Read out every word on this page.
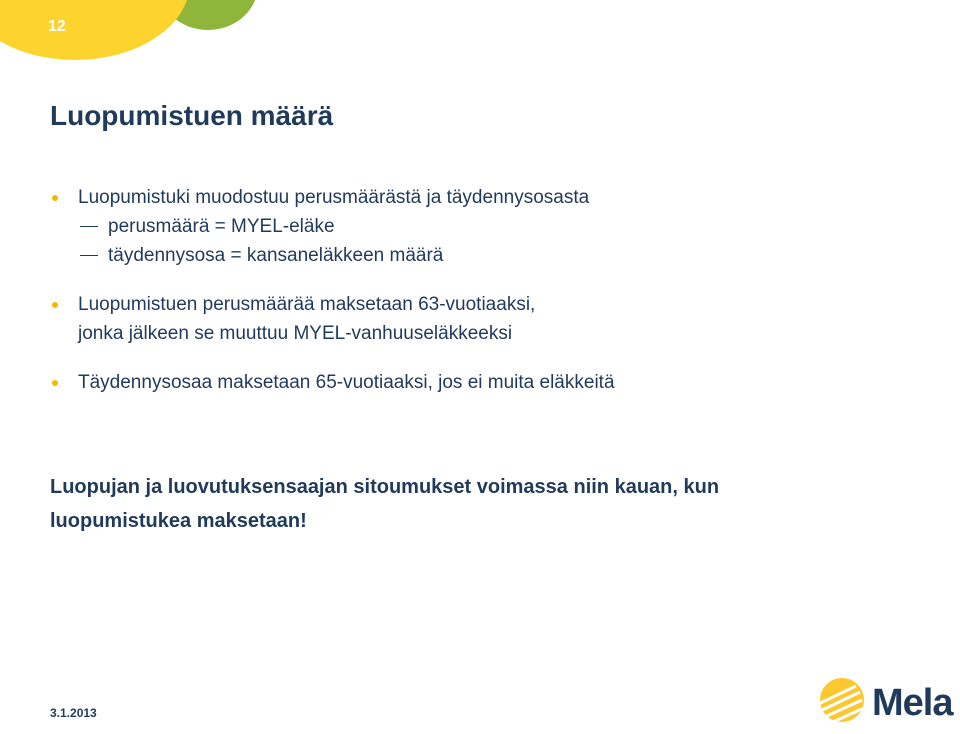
12
Luopumistuen määrä
Luopumistuki muodostuu perusmäärästä ja täydennysosasta
perusmäärä = MYEL-eläke
täydennysosa = kansaneläkkeen määrä
Luopumistuen perusmäärää maksetaan 63-vuotiaaksi,
jonka jälkeen se muuttuu MYEL-vanhuuseläkkeeksi
Täydennysosaa maksetaan 65-vuotiaaksi, jos ei muita eläkkeitä
Luopujan ja luovutuksensaajan sitoumukset voimassa niin kauan, kun
luopumistukea maksetaan!
3.1.2013	Mela
